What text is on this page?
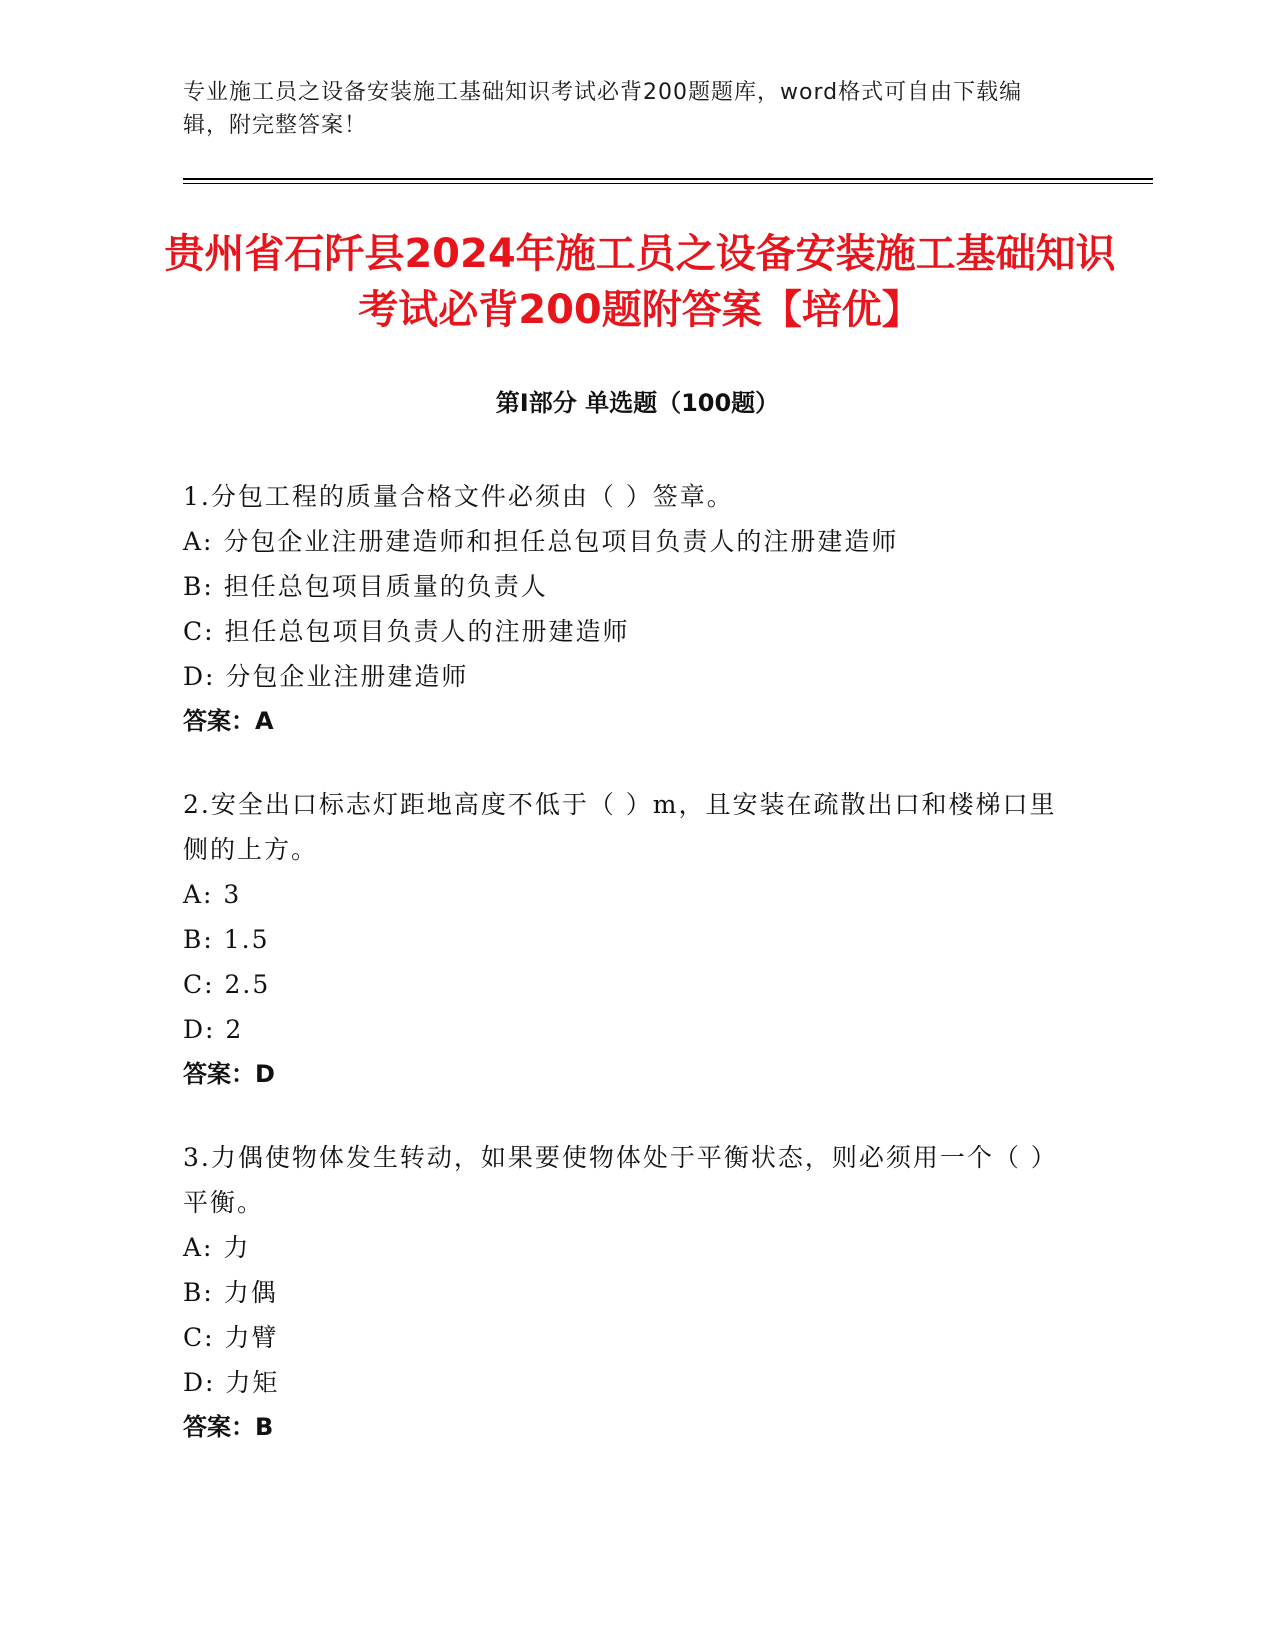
专业施工员之设备安装施工基础知识考试必背200题题库，word格式可自由下载编辑，附完整答案！
贵州省石阡县2024年施工员之设备安装施工基础知识考试必背200题附答案【培优】
第Ⅰ部分 单选题（100题）

1.分包工程的质量合格文件必须由（ ）签章。

A: 分包企业注册建造师和担任总包项目负责人的注册建造师

B: 担任总包项目质量的负责人

C: 担任总包项目负责人的注册建造师

D: 分包企业注册建造师

答案：A

2.安全出口标志灯距地高度不低于（ ）m，且安装在疏散出口和楼梯口里侧的上方。

A: 3

B: 1.5

C: 2.5

D: 2

答案：D

3.力偶使物体发生转动，如果要使物体处于平衡状态，则必须用一个（ ）平衡。

A: 力

B: 力偶

C: 力臂

D: 力矩

答案：B
